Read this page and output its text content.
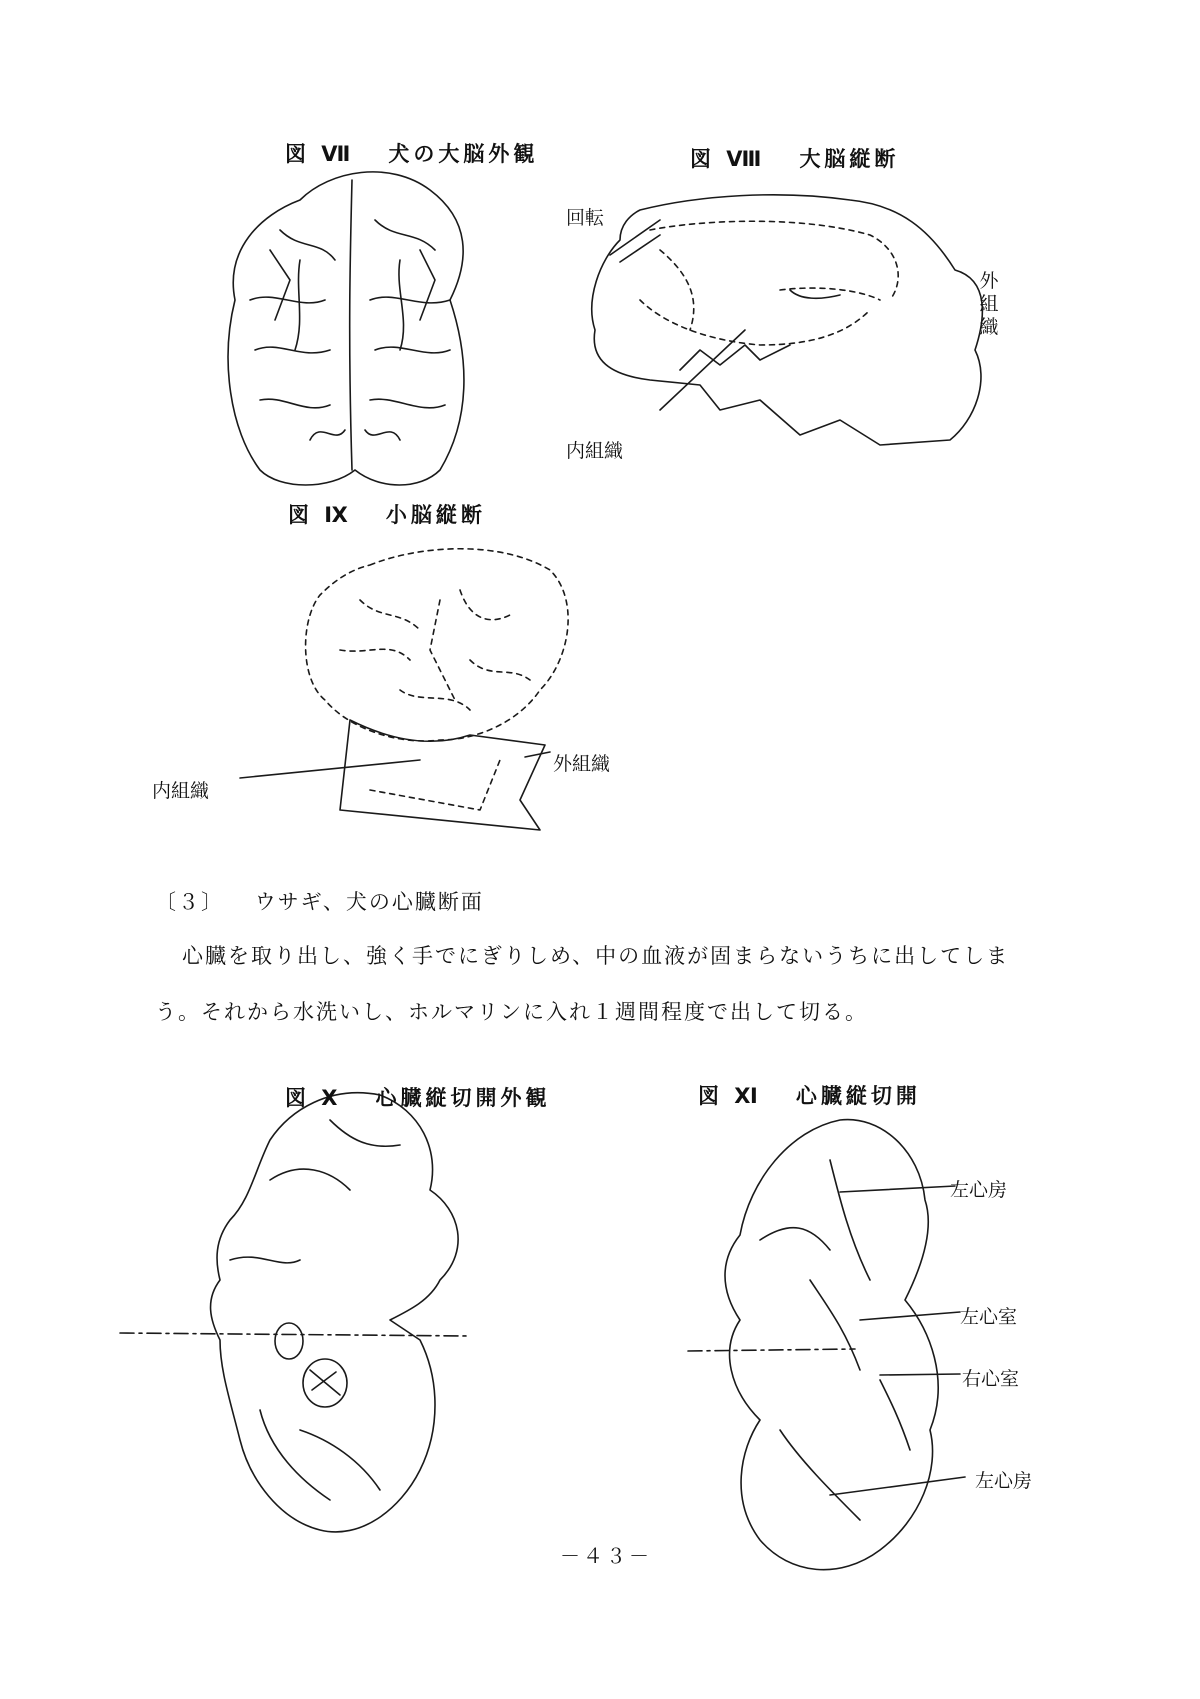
図 Ⅶ 犬の大脳外観	図 Ⅷ 大脳縦断
回転
外
組
織
内組織
図 Ⅸ 小脳縦断
内組織
外組織
〔３〕 ウサギ、犬の心臓断面
心臓を取り出し、強く手でにぎりしめ、中の血液が固まらないうちに出してしま
う。それから水洗いし、ホルマリンに入れ１週間程度で出して切る。
図 Ⅹ 心臓縦切開外観	図 Ⅺ 心臓縦切開
左心房
左心室
右心室
左心房
－４３－
